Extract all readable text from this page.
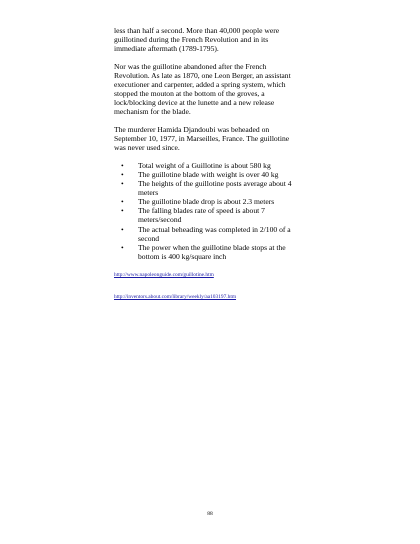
less than half a second. More than 40,000 people were guillotined during the French Revolution and in its immediate aftermath (1789-1795).

Nor was the guillotine abandoned after the French Revolution. As late as 1870, one Leon Berger, an assistant executioner and carpenter, added a spring system, which stopped the mouton at the bottom of the groves, a lock/blocking device at the lunette and a new release mechanism for the blade.

The murderer Hamida Djandoubi was beheaded on September 10, 1977, in Marseilles, France. The guillotine was never used since.

• Total weight of a Guillotine is about 580 kg
• The guillotine blade with weight is over 40 kg
• The heights of the guillotine posts average about 4 meters
• The guillotine blade drop is about 2.3 meters
• The falling blades rate of speed is about 7 meters/second
• The actual beheading was completed in 2/100 of a second
• The power when the guillotine blade stops at the bottom is 400 kg/square inch
http://www.napoleonguide.com/guillotine.htm
http://inventors.about.com/library/weekly/aa103197.htm
88
